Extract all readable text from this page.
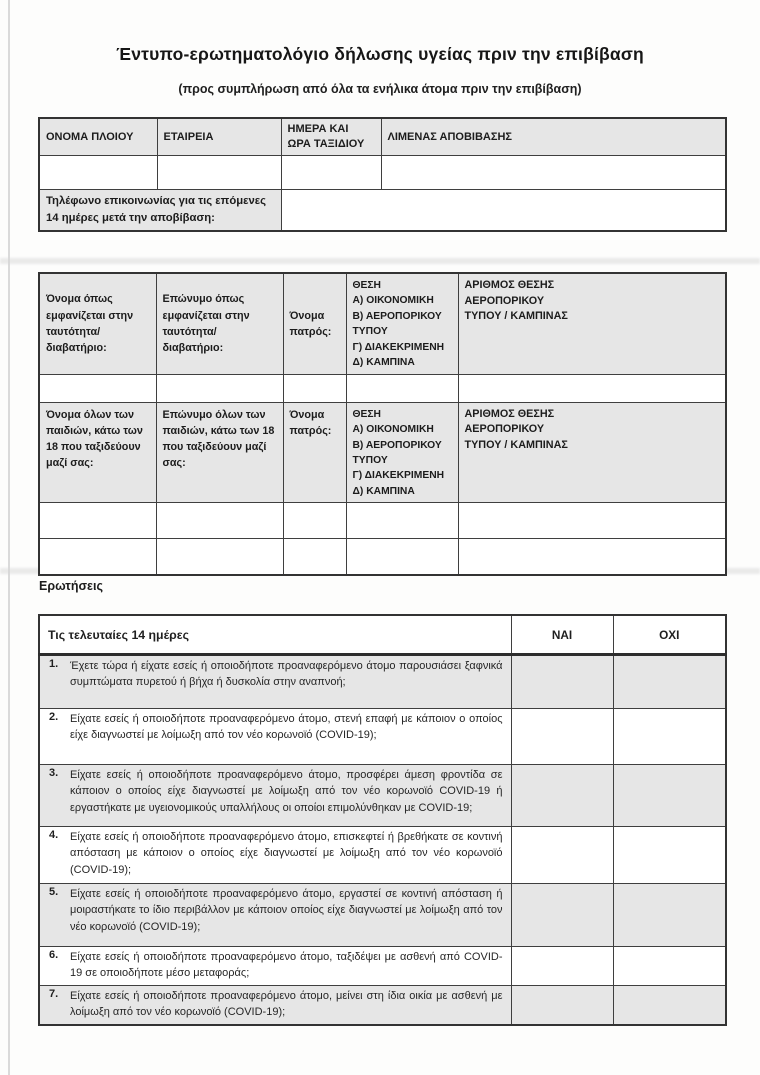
Έντυπο-ερωτηματολόγιο δήλωσης υγείας πριν την επιβίβαση
(προς συμπλήρωση από όλα τα ενήλικα άτομα πριν την επιβίβαση)
ΟΝΟΜΑ ΠΛΟΙΟΥ	ΕΤΑΙΡΕΙΑ	ΗΜΕΡΑ ΚΑΙ ΩΡΑ ΤΑΞΙΔΙΟΥ	ΛΙΜΕΝΑΣ ΑΠΟΒΙΒΑΣΗΣ

Τηλέφωνο επικοινωνίας για τις επόμενες 14 ημέρες μετά την αποβίβαση:			
Όνομα όπως εμφανίζεται στην ταυτότητα/ διαβατήριο:	Επώνυμο όπως εμφανίζεται στην ταυτότητα/διαβατήριο:	Όνομα πατρός:	ΘΕΣΗ
Α) ΟΙΚΟΝΟΜΙΚΗ
Β) ΑΕΡΟΠΟΡΙΚΟΥ ΤΥΠΟΥ
Γ) ΔΙΑΚΕΚΡΙΜΕΝΗ
Δ) ΚΑΜΠΙΝΑ	ΑΡΙΘΜΟΣ ΘΕΣΗΣ ΑΕΡΟΠΟΡΙΚΟΥ ΤΥΠΟΥ / ΚΑΜΠΙΝΑΣ

Όνομα όλων των παιδιών, κάτω των 18 που ταξιδεύουν μαζί σας:	Επώνυμο όλων των παιδιών, κάτω των 18 που ταξιδεύουν μαζί σας:	Όνομα πατρός:	ΘΕΣΗ
Α) ΟΙΚΟΝΟΜΙΚΗ
Β) ΑΕΡΟΠΟΡΙΚΟΥ ΤΥΠΟΥ
Γ) ΔΙΑΚΕΚΡΙΜΕΝΗ
Δ) ΚΑΜΠΙΝΑ	ΑΡΙΘΜΟΣ ΘΕΣΗΣ ΑΕΡΟΠΟΡΙΚΟΥ ΤΥΠΟΥ / ΚΑΜΠΙΝΑΣ

Ερωτήσεις
Τις τελευταίες 14 ημέρες	ΝΑΙ	ΟΧΙ

1. Έχετε τώρα ή είχατε εσείς ή οποιοδήποτε προαναφερόμενο άτομο παρουσιάσει ξαφνικά συμπτώματα πυρετού ή βήχα ή δυσκολία στην αναπνοή;		

2. Είχατε εσείς ή οποιοδήποτε προαναφερόμενο άτομο, στενή επαφή με κάποιον ο οποίος είχε διαγνωστεί με λοίμωξη από τον νέο κορωνοϊό (COVID-19);		

3. Είχατε εσείς ή οποιοδήποτε προαναφερόμενο άτομο, προσφέρει άμεση φροντίδα σε κάποιον ο οποίος είχε διαγνωστεί με λοίμωξη από τον νέο κορωνοϊό COVID-19 ή εργαστήκατε με υγειονομικούς υπαλλήλους οι οποίοι επιμολύνθηκαν με COVID-19;		

4. Είχατε εσείς ή οποιοδήποτε προαναφερόμενο άτομο, επισκεφτεί ή βρεθήκατε σε κοντινή απόσταση με κάποιον ο οποίος είχε διαγνωστεί με λοίμωξη από τον νέο κορωνοϊό (COVID-19);		

5. Είχατε εσείς ή οποιοδήποτε προαναφερόμενο άτομο, εργαστεί σε κοντινή απόσταση ή μοιραστήκατε το ίδιο περιβάλλον με κάποιον οποίος είχε διαγνωστεί με λοίμωξη από τον νέο κορωνοϊό (COVID-19);		

6. Είχατε εσείς ή οποιοδήποτε προαναφερόμενο άτομο, ταξιδέψει με ασθενή από COVID-19 σε οποιοδήποτε μέσο μεταφοράς;		

7. Είχατε εσείς ή οποιοδήποτε προαναφερόμενο άτομο, μείνει στη ίδια οικία με ασθενή με λοίμωξη από τον νέο κορωνοϊό (COVID-19);		
